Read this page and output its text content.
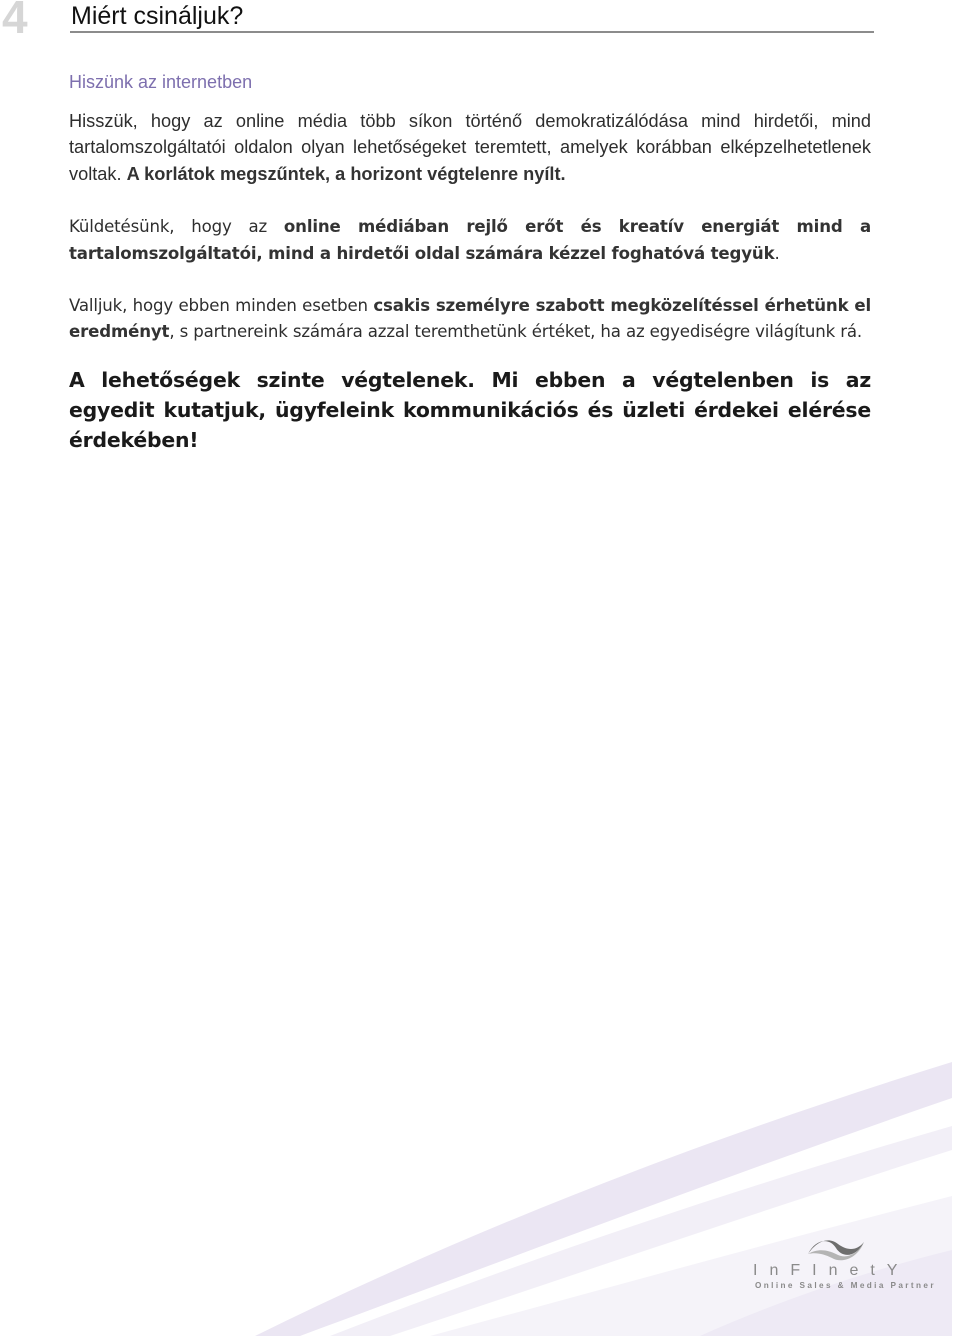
4 Miért csináljuk?
Hiszünk az internetben

Hisszük, hogy az online média több síkon történő demokratizálódása mind hirdetői, mind tartalomszolgáltatói oldalon olyan lehetőségeket teremtett, amelyek korábban elképzelhetetlenek voltak. A korlátok megszűntek, a horizont végtelenre nyílt.

Küldetésünk, hogy az online médiában rejlő erőt és kreatív energiát mind a tartalomszolgáltatói, mind a hirdetői oldal számára kézzel foghatóvá tegyük.

Valljuk, hogy ebben minden esetben csakis személyre szabott megközelítéssel érhetünk el eredményt, s partnereink számára azzal teremthetünk értéket, ha az egyediségre világítunk rá.

A lehetőségek szinte végtelenek. Mi ebben a végtelenben is az egyedit kutatjuk, ügyfeleink kommunikációs és üzleti érdekei elérése érdekében!

InFInetY
Online Sales & Media Partner
